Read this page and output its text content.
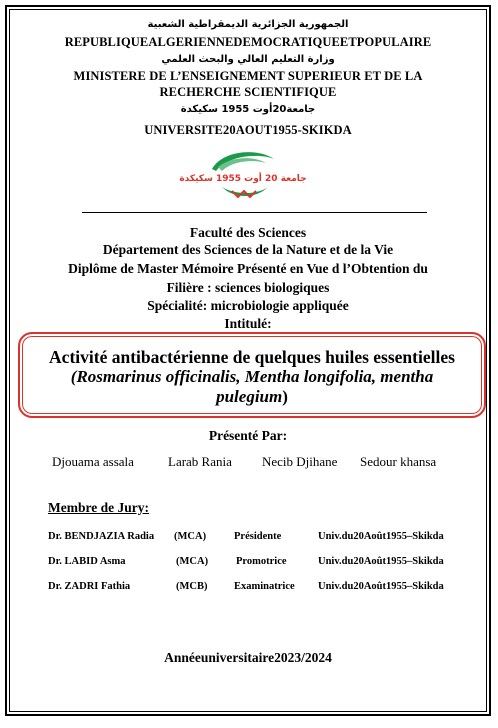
الجمهورية الجزائرية الديمقراطية الشعبية
REPUBLIQUEALGERIENNEDEMOCRATIQUEETPOPULAIRE
وزارة التعليم العالي والبحث العلمي
MINISTERE DE L’ENSEIGNEMENT SUPERIEUR ET DE LA
RECHERCHE SCIENTIFIQUE
جامعة20أوت 1955 سكيكدة
UNIVERSITE20AOUT1955-SKIKDA
جامعة 20 أوت 1955 سكيكدة
Faculté des Sciences
Département des Sciences de la Nature et de la Vie
Diplôme de Master Mémoire Présenté en Vue d l’Obtention du
Filière : sciences biologiques
Spécialité: microbiologie appliquée
Intitulé:
Activité antibactérienne de quelques huiles essentielles
(Rosmarinus officinalis, Mentha longifolia, mentha
pulegium)
Présenté Par:
Djouama assala	Larab Rania Necib Djihane Sedour khansa
Membre de Jury:
Dr. BENDJAZIA Radia (MCA)	Présidente	Univ.du20Août1955–Skikda
Dr. LABID Asma	(MCA)	Promotrice	Univ.du20Août1955–Skikda
Dr. ZADRI Fathia	(MCB)	Examinatrice Univ.du20Août1955–Skikda
Annéeuniversitaire2023/2024
